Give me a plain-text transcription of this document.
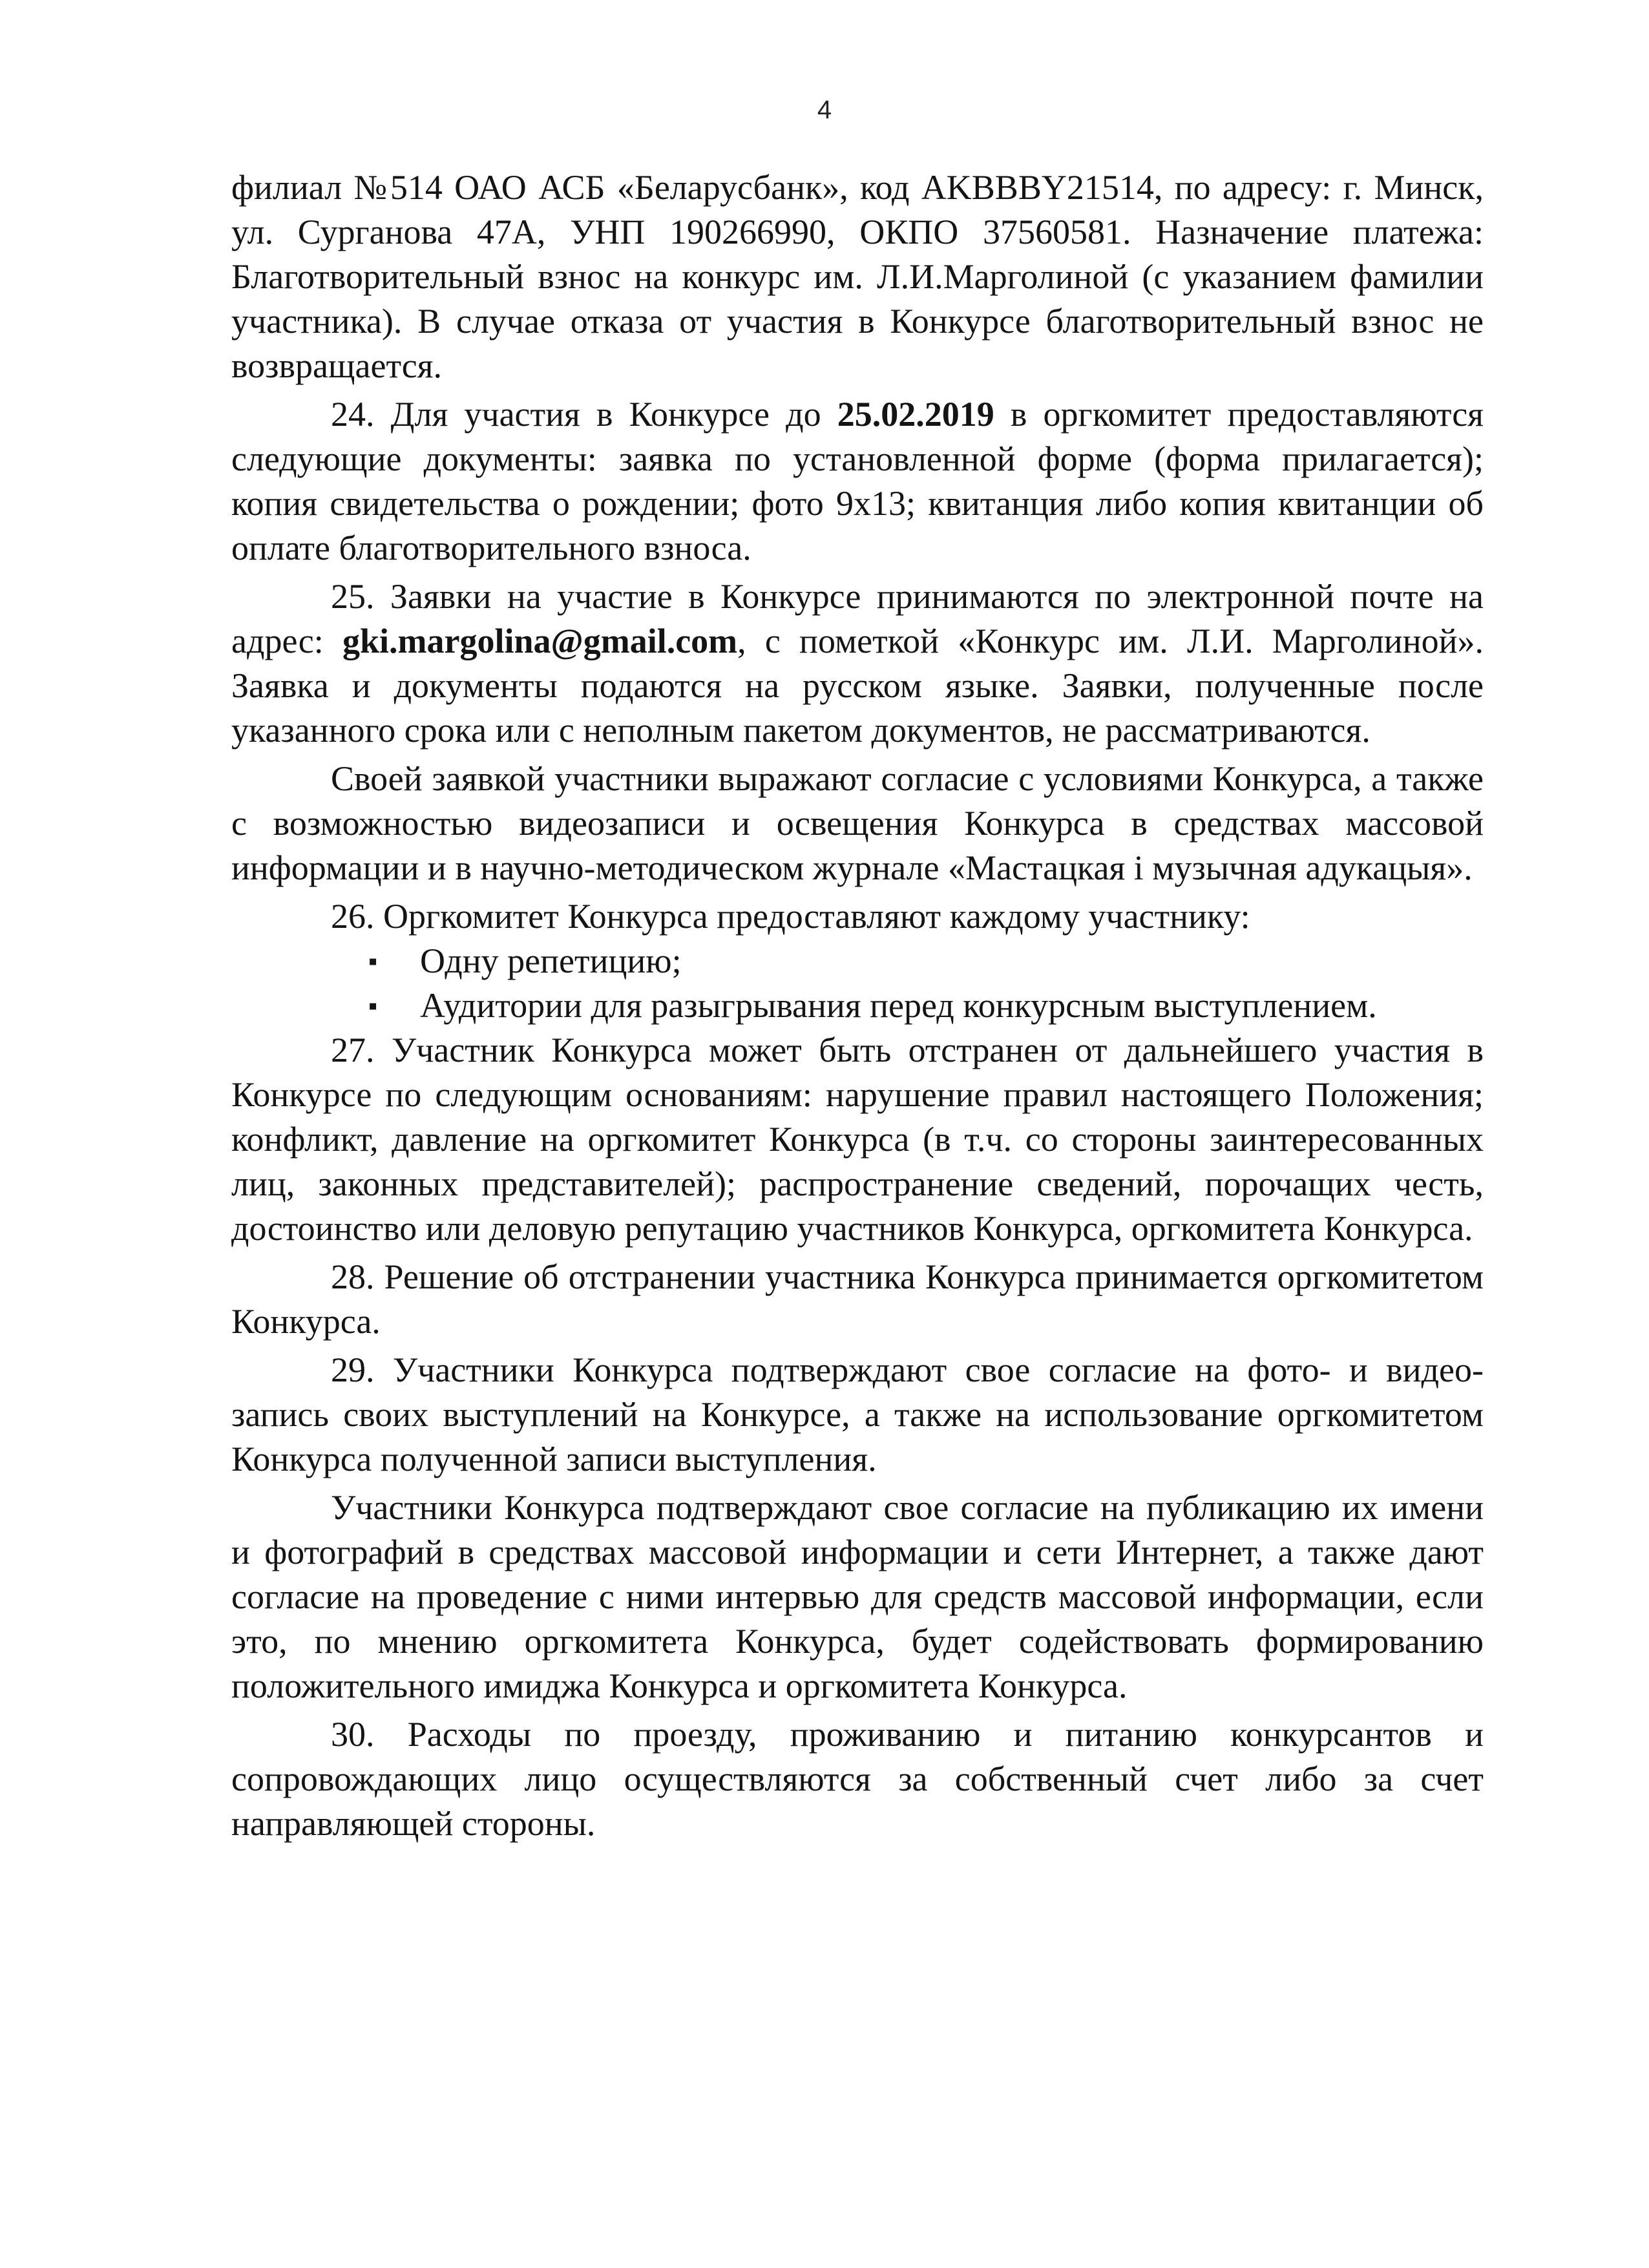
4

филиал №514 ОАО АСБ «Беларусбанк», код AKBBBY21514, по адресу: г. Минск, ул. Сурганова 47А, УНП 190266990, ОКПО 37560581. Назначение платежа: Благотворительный взнос на конкурс им. Л.И.Марголиной (с указанием фамилии участника). В случае отказа от участия в Конкурсе благотворительный взнос не возвращается.

24. Для участия в Конкурсе до 25.02.2019 в оргкомитет предоставляются следующие документы: заявка по установленной форме (форма прилагается); копия свидетельства о рождении; фото 9х13; квитанция либо копия квитанции об оплате благотворительного взноса.

25. Заявки на участие в Конкурсе принимаются по электронной почте на адрес: gki.margolina@gmail.com, с пометкой «Конкурс им. Л.И. Марголиной». Заявка и документы подаются на русском языке. Заявки, полученные после указанного срока или с неполным пакетом документов, не рассматриваются.

Своей заявкой участники выражают согласие с условиями Конкурса, а также с возможностью видеозаписи и освещения Конкурса в средствах массовой информации и в научно-методическом журнале «Мастацкая і музычная адукацыя».

26. Оргкомитет Конкурса предоставляют каждому участнику:

▪ Одну репетицию;
▪ Аудитории для разыгрывания перед конкурсным выступлением.

27. Участник Конкурса может быть отстранен от дальнейшего участия в Конкурсе по следующим основаниям: нарушение правил настоящего Положения; конфликт, давление на оргкомитет Конкурса (в т.ч. со стороны заинтересованных лиц, законных представителей); распространение сведений, порочащих честь, достоинство или деловую репутацию участников Конкурса, оргкомитета Конкурса.

28. Решение об отстранении участника Конкурса принимается оргкомитетом Конкурса.

29. Участники Конкурса подтверждают свое согласие на фото- и видео-запись своих выступлений на Конкурсе, а также на использование оргкомитетом Конкурса полученной записи выступления.

Участники Конкурса подтверждают свое согласие на публикацию их имени и фотографий в средствах массовой информации и сети Интернет, а также дают согласие на проведение с ними интервью для средств массовой информации, если это, по мнению оргкомитета Конкурса, будет содействовать формированию положительного имиджа Конкурса и оргкомитета Конкурса.

30. Расходы по проезду, проживанию и питанию конкурсантов и сопровождающих лицо осуществляются за собственный счет либо за счет направляющей стороны.
